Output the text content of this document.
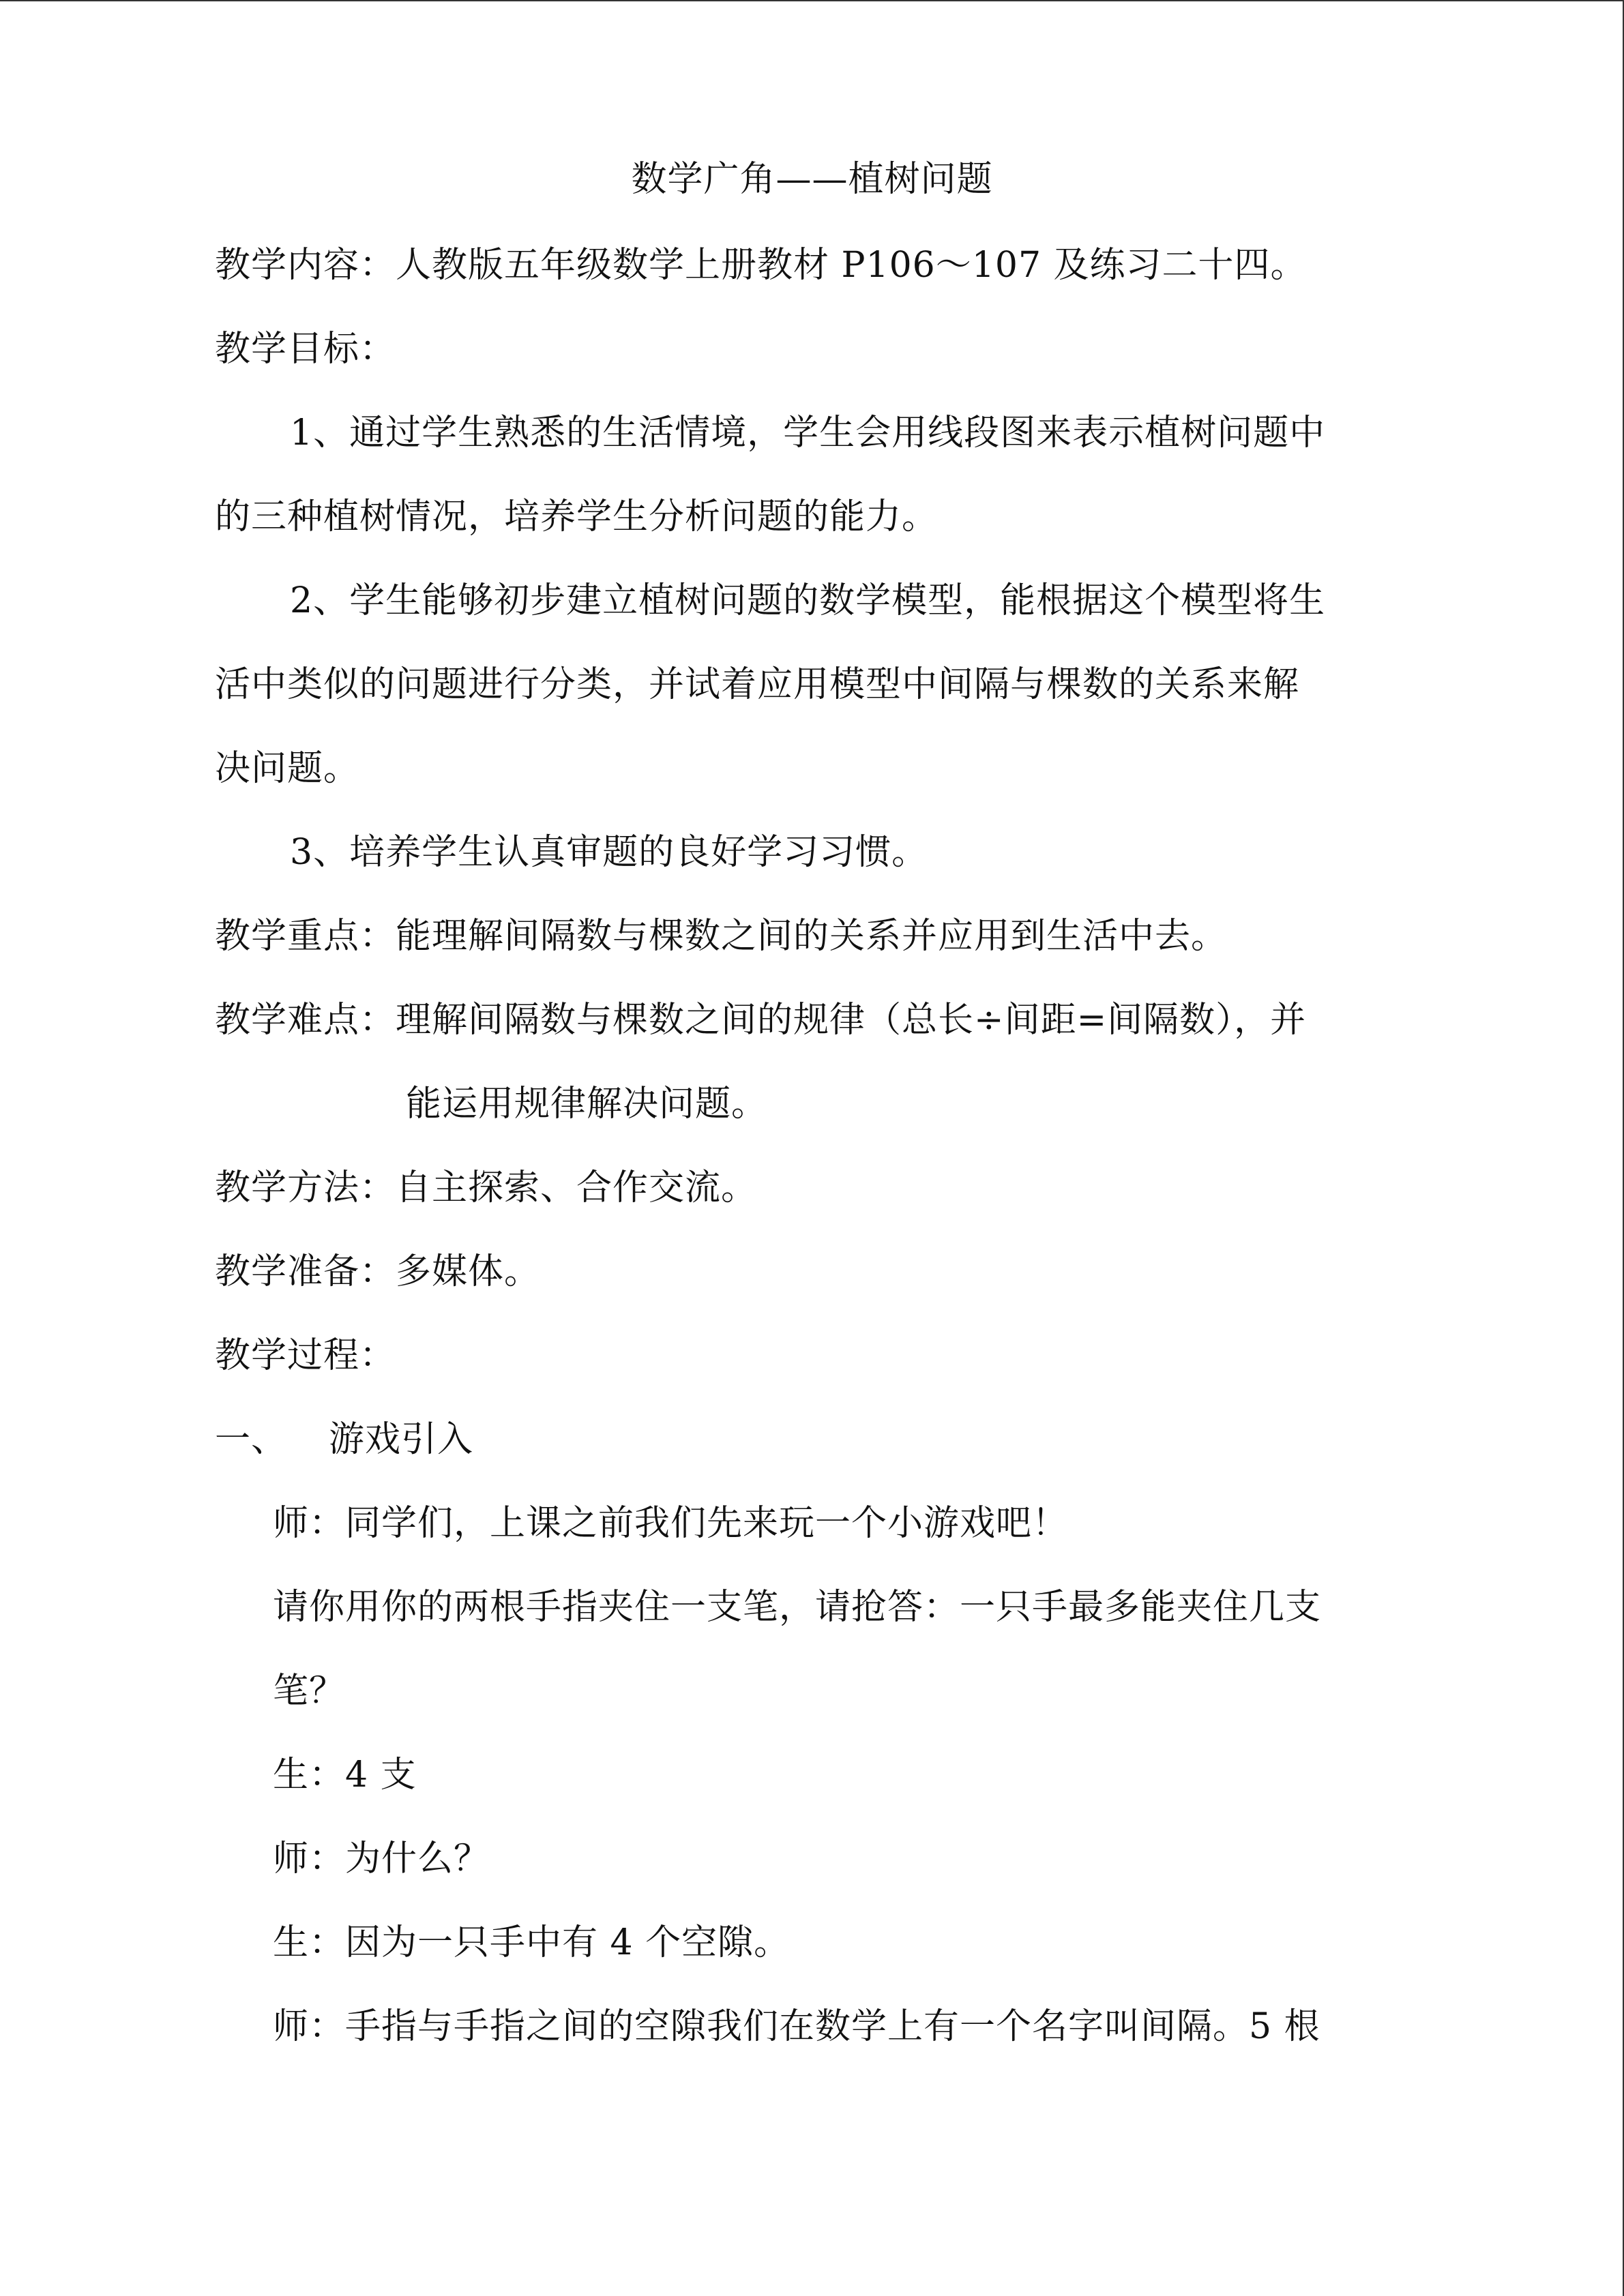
数学广角——植树问题
教学内容：人教版五年级数学上册教材 P106～107 及练习二十四。
教学目标：
1、通过学生熟悉的生活情境，学生会用线段图来表示植树问题中
的三种植树情况，培养学生分析问题的能力。
2、学生能够初步建立植树问题的数学模型，能根据这个模型将生
活中类似的问题进行分类，并试着应用模型中间隔与棵数的关系来解
决问题。
3、培养学生认真审题的良好学习习惯。
教学重点：能理解间隔数与棵数之间的关系并应用到生活中去。
教学难点：理解间隔数与棵数之间的规律（总长÷间距=间隔数），并
能运用规律解决问题。
教学方法：自主探索、合作交流。
教学准备：多媒体。
教学过程：
一、 游戏引入
师：同学们，上课之前我们先来玩一个小游戏吧！
请你用你的两根手指夹住一支笔，请抢答：一只手最多能夹住几支
笔？
生：4 支
师：为什么？
生：因为一只手中有 4 个空隙。
师：手指与手指之间的空隙我们在数学上有一个名字叫间隔。5 根
